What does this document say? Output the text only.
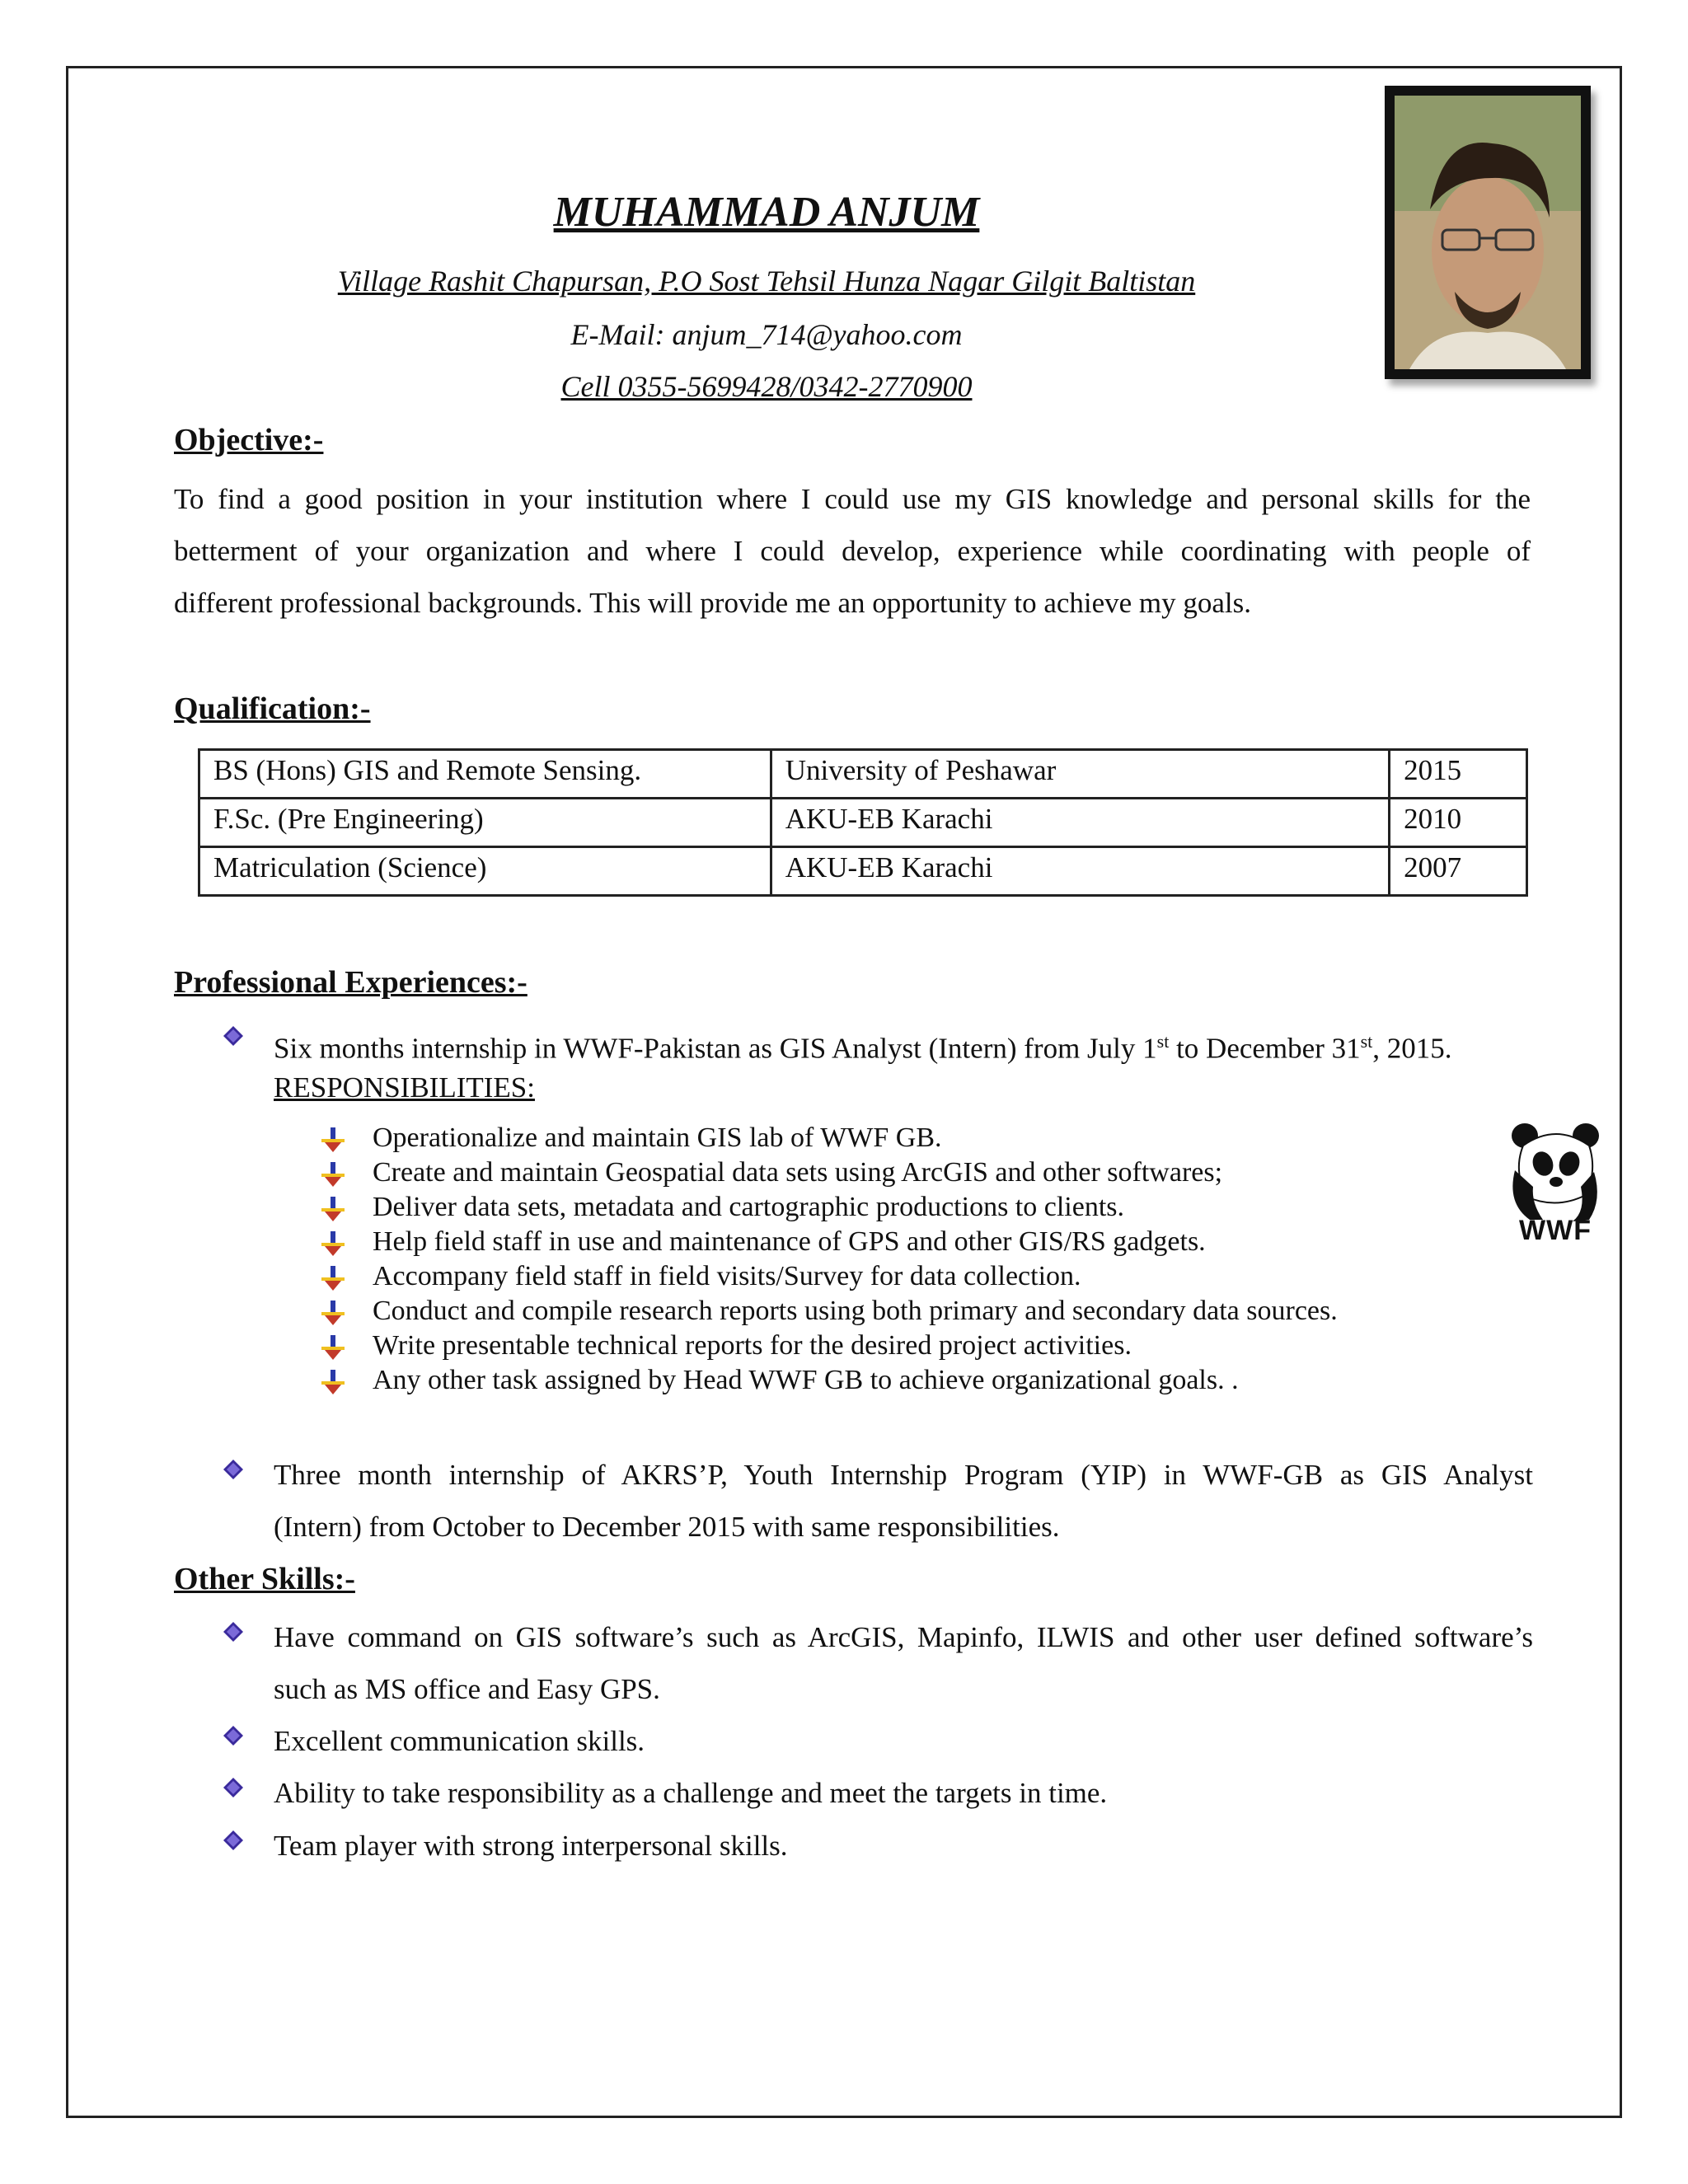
MUHAMMAD ANJUM
Village Rashit Chapursan, P.O Sost Tehsil Hunza Nagar Gilgit Baltistan
E-Mail: anjum_714@yahoo.com
Cell 0355-5699428/0342-2770900
Objective:-
To find a good position in your institution where I could use my GIS knowledge and personal skills for the
betterment of your organization and where I could develop, experience while coordinating with people of
different professional backgrounds. This will provide me an opportunity to achieve my goals.
Qualification:-
BS (Hons) GIS and Remote Sensing.	University of Peshawar	2015
F.Sc. (Pre Engineering)	AKU-EB Karachi	2010
Matriculation (Science)	AKU-EB Karachi	2007
Professional Experiences:-
Six months internship in WWF-Pakistan as GIS Analyst (Intern) from July 1st to December 31st, 2015.
RESPONSIBILITIES:
Operationalize and maintain GIS lab of WWF GB.
Create and maintain Geospatial data sets using ArcGIS and other softwares;
Deliver data sets, metadata and cartographic productions to clients.
Help field staff in use and maintenance of GPS and other GIS/RS gadgets.
Accompany field staff in field visits/Survey for data collection.
Conduct and compile research reports using both primary and secondary data sources.
Write presentable technical reports for the desired project activities.
Any other task assigned by Head WWF GB to achieve organizational goals. .
WWF
Three month internship of AKRS’P, Youth Internship Program (YIP) in WWF-GB as GIS Analyst
(Intern) from October to December 2015 with same responsibilities.
Other Skills:-
Have command on GIS software’s such as ArcGIS, Mapinfo, ILWIS and other user defined software’s
such as MS office and Easy GPS.
Excellent communication skills.
Ability to take responsibility as a challenge and meet the targets in time.
Team player with strong interpersonal skills.
